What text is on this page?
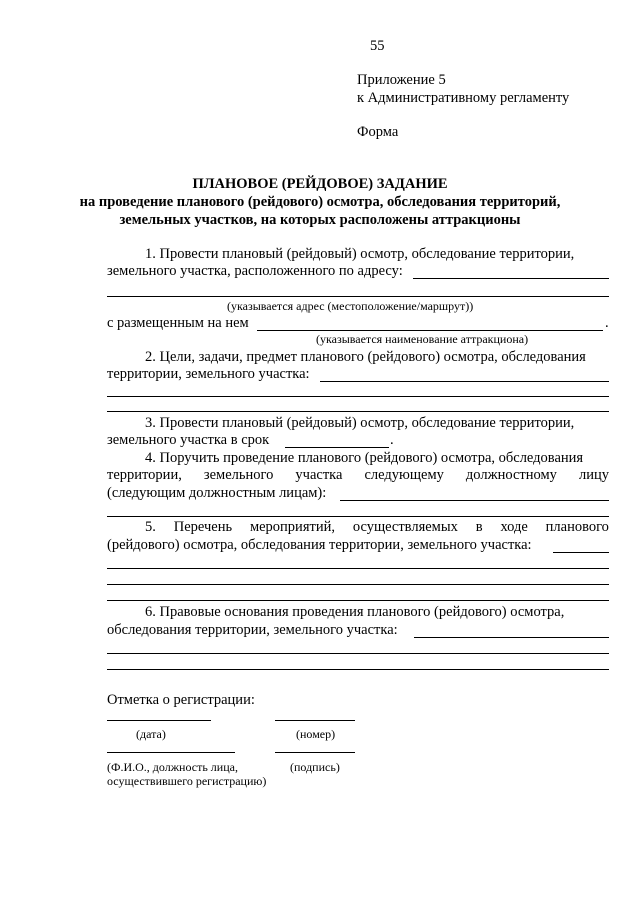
55
Приложение 5
к Административному регламенту
Форма
ПЛАНОВОЕ (РЕЙДОВОЕ) ЗАДАНИЕ
на проведение планового (рейдового) осмотра, обследования территорий,
земельных участков, на которых расположены аттракционы
1. Провести плановый (рейдовый) осмотр, обследование территории,
земельного участка, расположенного по адресу:
(указывается адрес (местоположение/маршрут))
с размещенным на нем	.
(указывается наименование аттракциона)
2. Цели, задачи, предмет планового (рейдового) осмотра, обследования
территории, земельного участка:
3. Провести плановый (рейдовый) осмотр, обследование территории,
земельного участка в срок	.
4. Поручить проведение планового (рейдового) осмотра, обследования
территории, земельного участка следующему должностному лицу
(следующим должностным лицам):
5. Перечень мероприятий, осуществляемых в ходе планового
(рейдового) осмотра, обследования территории, земельного участка:
6. Правовые основания проведения планового (рейдового) осмотра,
обследования территории, земельного участка:
Отметка о регистрации:
(дата)	(номер)
(Ф.И.О., должность лица,	(подпись)
осуществившего регистрацию)
